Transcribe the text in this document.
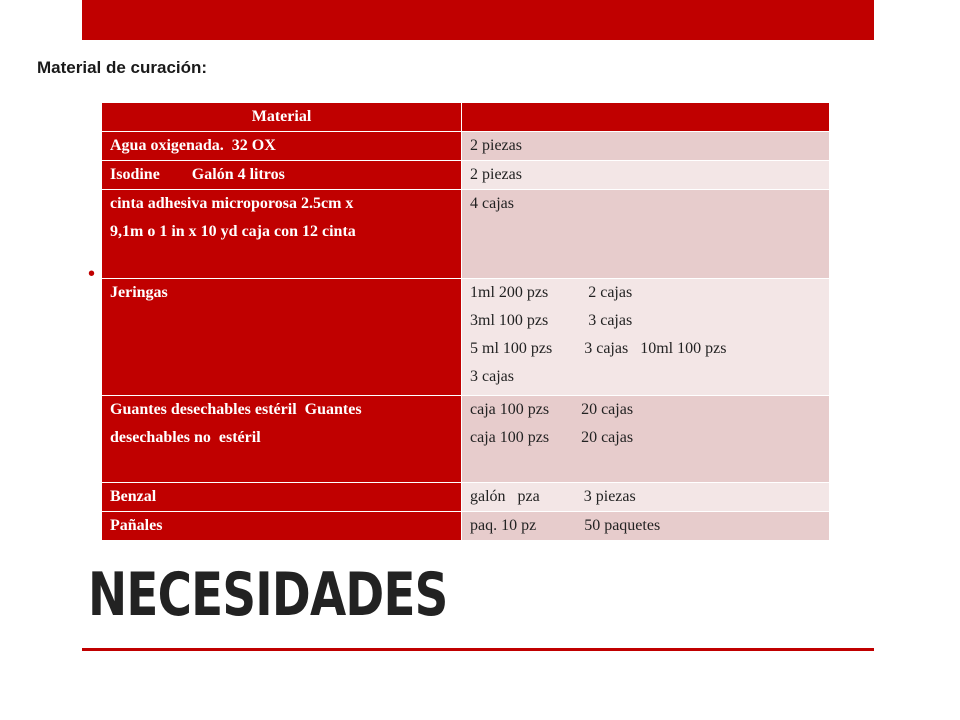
Material de curación:
•
Material	

Agua oxigenada.  32 OX	2 piezas

Isodine        Galón 4 litros	2 piezas

cinta adhesiva microporosa 2.5cm x
9,1m o 1 in x 10 yd caja con 12 cinta	4 cajas

Jeringas	1ml 200 pzs          2 cajas
3ml 100 pzs          3 cajas
5 ml 100 pzs        3 cajas   10ml 100 pzs
3 cajas

Guantes desechables estéril  Guantes
desechables no  estéril	caja 100 pzs        20 cajas
caja 100 pzs        20 cajas

Benzal	galón   pza           3 piezas

Pañales	paq. 10 pz            50 paquetes
NECESIDADES
